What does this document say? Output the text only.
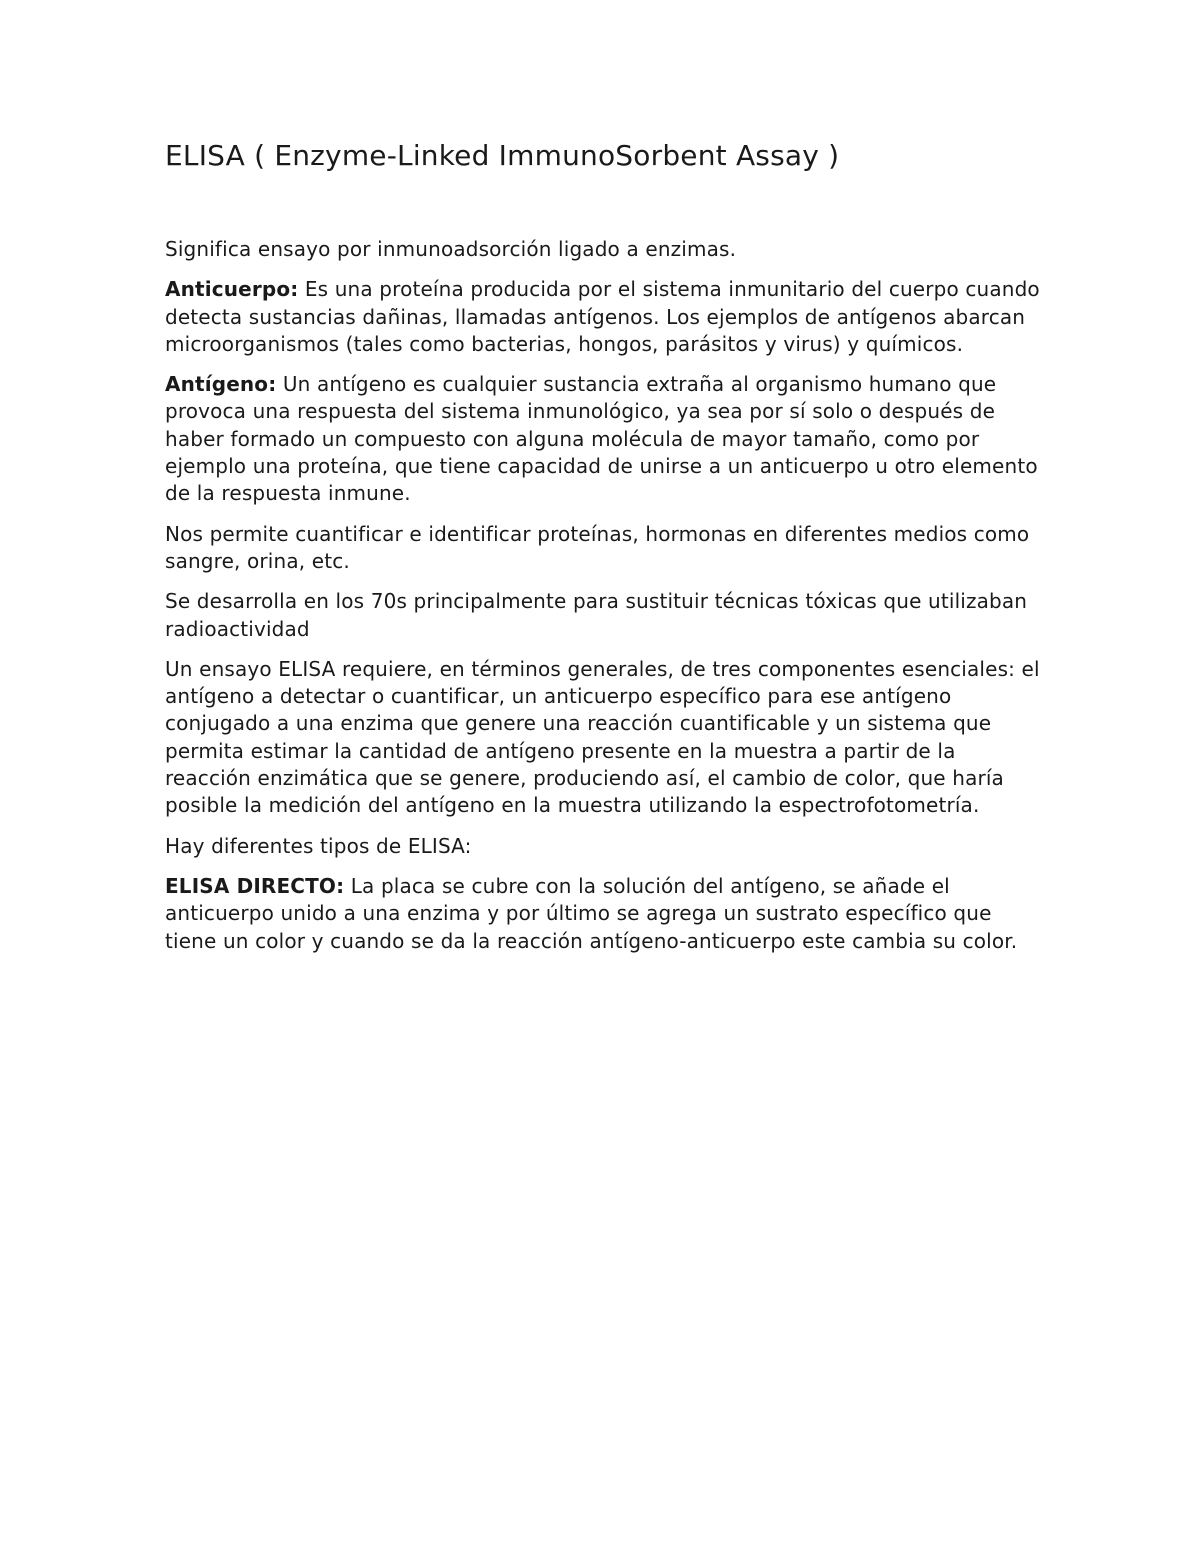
ELISA ( Enzyme-Linked ImmunoSorbent Assay )

Significa ensayo por inmunoadsorción ligado a enzimas.

Anticuerpo: Es una proteína producida por el sistema inmunitario del cuerpo cuando detecta sustancias dañinas, llamadas antígenos. Los ejemplos de antígenos abarcan microorganismos (tales como bacterias, hongos, parásitos y virus) y químicos.

Antígeno: Un antígeno es cualquier sustancia extraña al organismo humano que provoca una respuesta del sistema inmunológico, ya sea por sí solo o después de haber formado un compuesto con alguna molécula de mayor tamaño, como por ejemplo una proteína, que tiene capacidad de unirse a un anticuerpo u otro elemento de la respuesta inmune.

Nos permite cuantificar e identificar proteínas, hormonas en diferentes medios como sangre, orina, etc.

Se desarrolla en los 70s principalmente para sustituir técnicas tóxicas que utilizaban radioactividad

Un ensayo ELISA requiere, en términos generales, de tres componentes esenciales: el antígeno a detectar o cuantificar, un anticuerpo específico para ese antígeno conjugado a una enzima que genere una reacción cuantificable y un sistema que permita estimar la cantidad de antígeno presente en la muestra a partir de la reacción enzimática que se genere, produciendo así, el cambio de color, que haría posible la medición del antígeno en la muestra utilizando la espectrofotometría.

Hay diferentes tipos de ELISA:

ELISA DIRECTO: La placa se cubre con la solución del antígeno, se añade el anticuerpo unido a una enzima y por último se agrega un sustrato específico que tiene un color y cuando se da la reacción antígeno-anticuerpo este cambia su color.
